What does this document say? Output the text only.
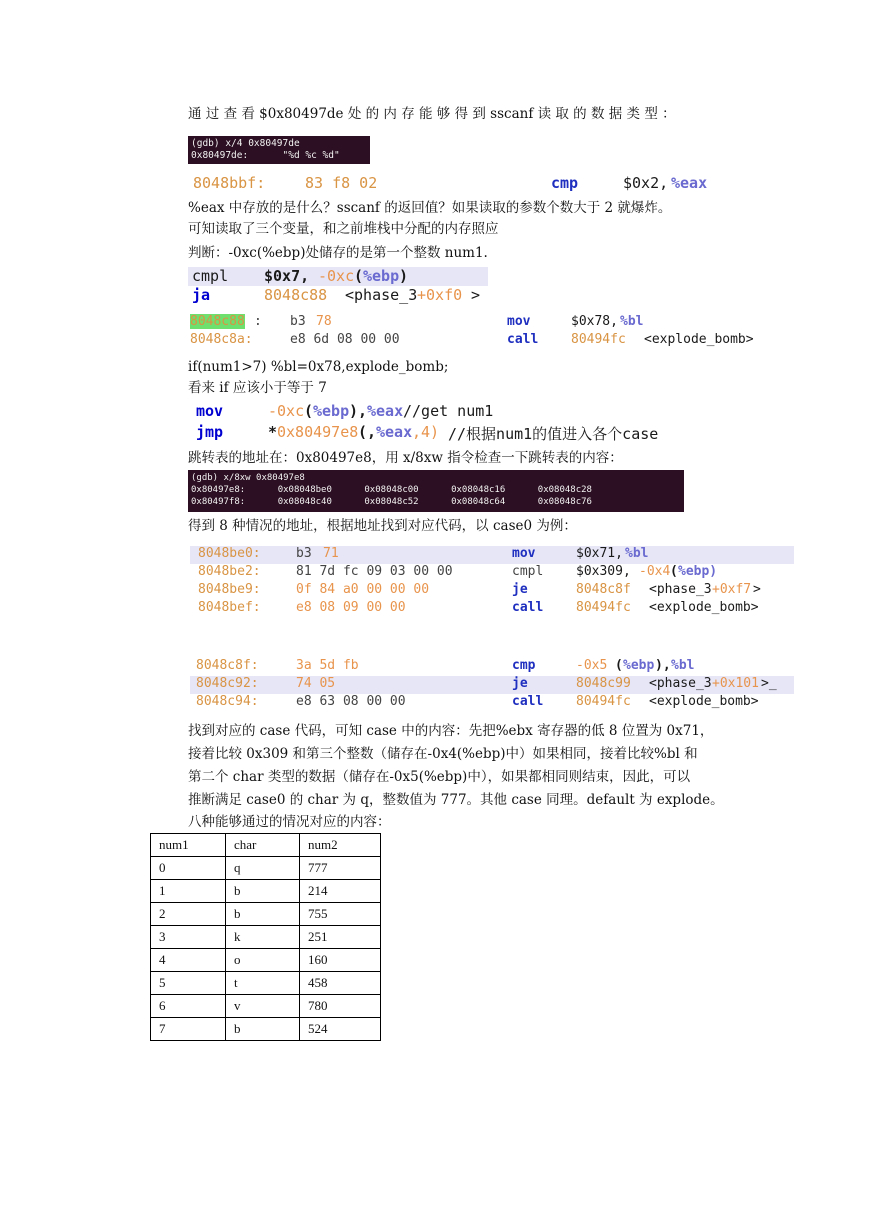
通 过 查 看 $0x80497de 处 的 内 存 能 够 得 到 sscanf 读 取 的 数 据 类 型 ：
(gdb) x/4 0x80497de
0x80497de:      "%d %c %d"
8048bbf:	83 f8 02	cmp	$0x2, %eax
%eax 中存放的是什么？sscanf 的返回值？如果读取的参数个数大于 2 就爆炸。
可知读取了三个变量，和之前堆栈中分配的内存照应
判断：-0xc(%ebp)处储存的是第一个整数 num1.
cmpl $0x7, -0xc ( %ebp )
ja	8048c88 <phase_3 +0xf0 >
8048c88 : b3 78	mov	$0x78, %bl
8048c8a:	e8 6d 08 00 00	call	80494fc <explode_bomb>
if(num1>7) %bl=0x78,explode_bomb;
看来 if 应该小于等于 7
mov	-0xc ( %ebp ), %eax //get num1
jmp	* 0x80497e8 (, %eax ,4) //根据num1的值进入各个case
跳转表的地址在：0x80497e8，用 x/8xw 指令检查一下跳转表的内容：
(gdb) x/8xw 0x80497e8
0x80497e8:      0x08048be0      0x08048c00      0x08048c16      0x08048c28
0x80497f8:      0x08048c40      0x08048c52      0x08048c64      0x08048c76
得到 8 种情况的地址，根据地址找到对应代码，以 case0 为例：
8048be0:	b3 71	mov	$0x71, %bl
8048be2:	81 7d fc 09 03 00 00	cmpl	$0x309, -0x4 ( %ebp)
8048be9:	0f 84 a0 00 00 00	je	8048c8f <phase_3 +0xf7 >
8048bef:	e8 08 09 00 00	call	80494fc <explode_bomb>
8048c8f:	3a 5d fb	cmp	-0x5 ( %ebp ), %bl
8048c92:	74 05	je	8048c99 <phase_3 +0x101 >_
8048c94:	e8 63 08 00 00	call	80494fc <explode_bomb>
找到对应的 case 代码，可知 case 中的内容：先把%ebx 寄存器的低 8 位置为 0x71，
接着比较 0x309 和第三个整数（储存在-0x4(%ebp)中）如果相同，接着比较%bl 和
第二个 char 类型的数据（储存在-0x5(%ebp)中），如果都相同则结束，因此，可以
推断满足 case0 的 char 为 q，整数值为 777。其他 case 同理。default 为 explode。
八种能够通过的情况对应的内容：
num1	char	num2
0	q	777
1	b	214
2	b	755
3	k	251
4	o	160
5	t	458
6	v	780
7	b	524
